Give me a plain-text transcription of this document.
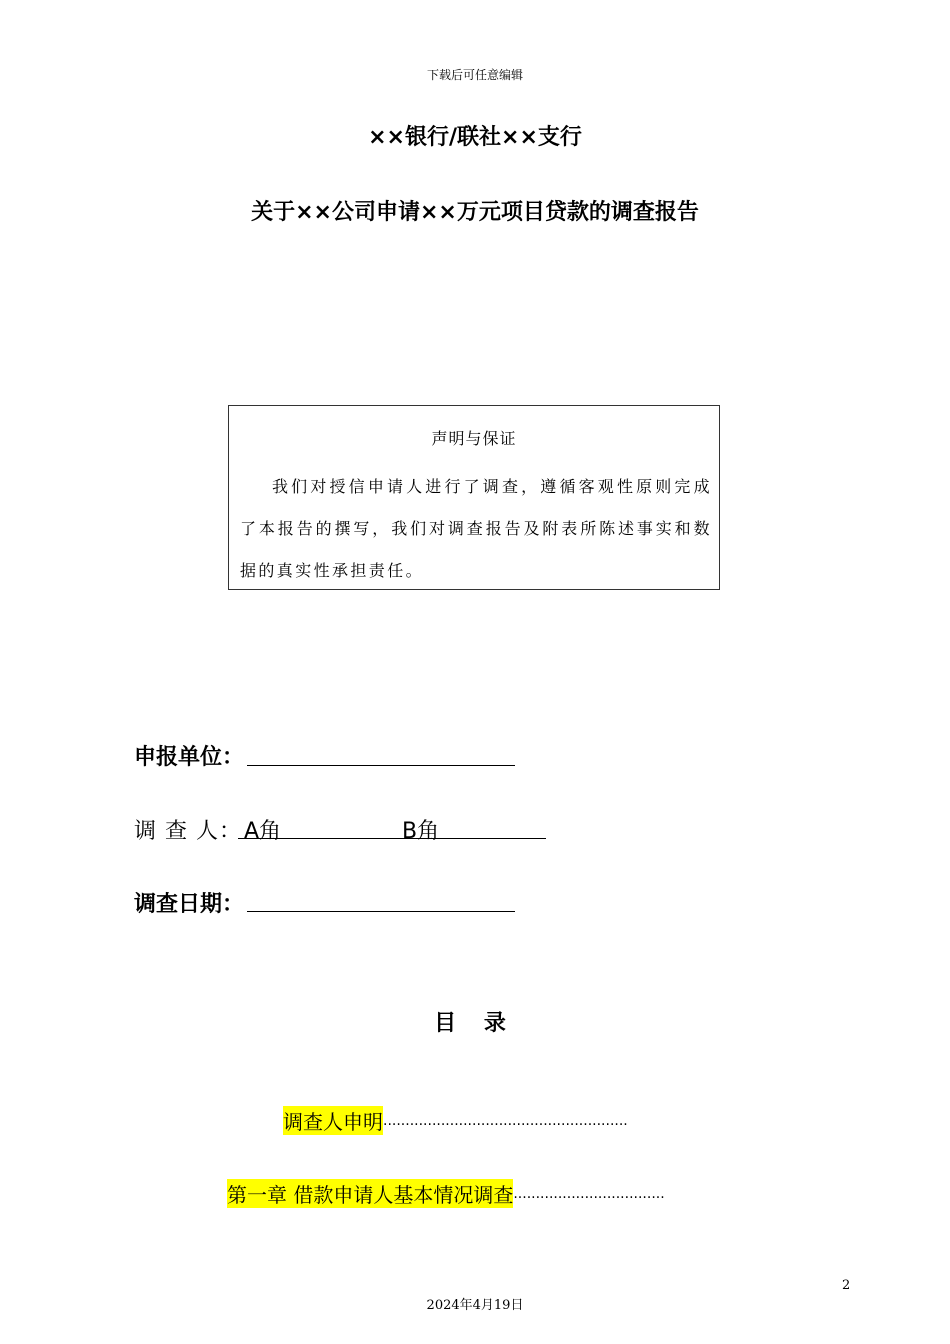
下载后可任意编辑
××银行/联社××支行
关于××公司申请××万元项目贷款的调查报告
声明与保证

我们对授信申请人进行了调查，遵循客观性原则完成了本报告的撰写，我们对调查报告及附表所陈述事实和数据的真实性承担责任。

申报单位：
调 查 人： A角	B角
调查日期：
目 录
调查人申明 ·······················································
第一章 借款申请人基本情况调查 ··································
2
2024年4月19日
